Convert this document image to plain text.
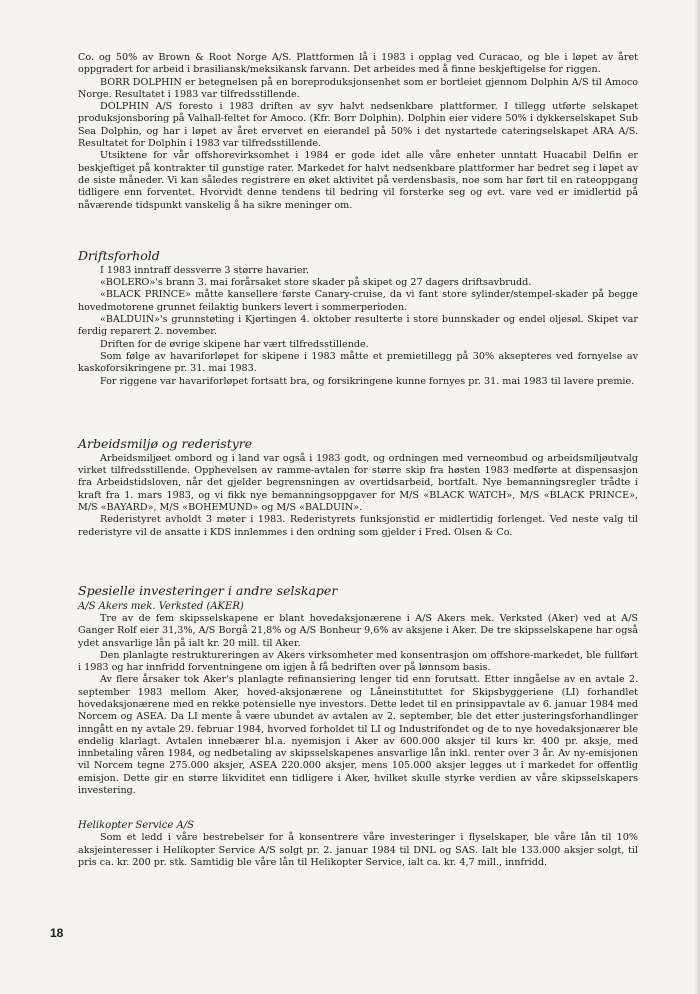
Co. og 50% av Brown & Root Norge A/S. Plattformen lå i 1983 i opplag ved Curacao, og ble i løpet av året oppgradert for arbeid i brasiliansk/meksikansk farvann. Det arbeides med å finne beskjeftigelse for riggen.

BORR DOLPHIN er betegnelsen på en boreproduksjonsenhet som er bortleiet gjennom Dolphin A/S til Amoco Norge. Resultatet i 1983 var tilfredsstillende.

DOLPHIN A/S foresto i 1983 driften av syv halvt nedsenkbare plattformer. I tillegg utførte selskapet produksjonsboring på Valhall-feltet for Amoco. (Kfr. Borr Dolphin). Dolphin eier videre 50% i dykkerselskapet Sub Sea Dolphin, og har i løpet av året ervervet en eierandel på 50% i det nystartede cateringselskapet ARA A/S. Resultatet for Dolphin i 1983 var tilfredsstillende.

Utsiktene for vår offshorevirksomhet i 1984 er gode idet alle våre enheter unntatt Huacabil Delfin er beskjeftiget på kontrakter til gunstige rater. Markedet for halvt nedsenkbare plattformer har bedret seg i løpet av de siste måneder. Vi kan således registrere en øket aktivitet på verdensbasis, noe som har ført til en rateoppgang tidligere enn forventet. Hvorvidt denne tendens til bedring vil forsterke seg og evt. vare ved er imidlertid på nåværende tidspunkt vanskelig å ha sikre meninger om.

Driftsforhold

I 1983 inntraff dessverre 3 større havarier.

«BOLERO»'s brann 3. mai forårsaket store skader på skipet og 27 dagers driftsavbrudd.

«BLACK PRINCE» måtte kansellere første Canary-cruise, da vi fant store sylinder/stempel-skader på begge hovedmotorene grunnet feilaktig bunkers levert i sommerperioden.

«BALDUIN»'s grunnstøting i Kjørtingen 4. oktober resulterte i store bunnskader og endel oljesøl. Skipet var ferdig reparert 2. november.

Driften for de øvrige skipene har vært tilfredsstillende.

Som følge av havariforløpet for skipene i 1983 måtte et premietillegg på 30% aksepteres ved fornyelse av kaskoforsikringene pr. 31. mai 1983.

For riggene var havariforløpet fortsatt bra, og forsikringene kunne fornyes pr. 31. mai 1983 til lavere premie.

Arbeidsmiljø og rederistyre

Arbeidsmiljøet ombord og i land var også i 1983 godt, og ordningen med verneombud og arbeidsmiljøutvalg virket tilfredsstillende. Opphevelsen av ramme-avtalen for større skip fra høsten 1983 medførte at dispensasjon fra Arbeidstidsloven, når det gjelder begrensningen av overtidsarbeid, bortfalt. Nye bemanningsregler trådte i kraft fra 1. mars 1983, og vi fikk nye bemanningsoppgaver for M/S «BLACK WATCH», M/S «BLACK PRINCE», M/S «BAYARD», M/S «BOHEMUND» og M/S «BALDUIN».

Rederistyret avholdt 3 møter i 1983. Rederistyrets funksjonstid er midlertidig forlenget. Ved neste valg til rederistyre vil de ansatte i KDS innlemmes i den ordning som gjelder i Fred. Olsen & Co.

Spesielle investeringer i andre selskaper

A/S Akers mek. Verksted (AKER)

Tre av de fem skipsselskapene er blant hovedaksjonærene i A/S Akers mek. Verksted (Aker) ved at A/S Ganger Rolf eier 31,3%, A/S Borgå 21,8% og A/S Bonheur 9,6% av aksjene i Aker. De tre skipsselskapene har også ydet ansvarlige lån på ialt kr. 20 mill. til Aker.

Den planlagte restruktureringen av Akers virksomheter med konsentrasjon om offshore-markedet, ble fullført i 1983 og har innfridd forventningene om igjen å få bedriften over på lønnsom basis.

Av flere årsaker tok Aker's planlagte refinansiering lenger tid enn forutsatt. Etter inngåelse av en avtale 2. september 1983 mellom Aker, hoved-aksjonærene og Låneinstituttet for Skipsbyggeriene (LI) forhandlet hovedaksjonærene med en rekke potensielle nye investors. Dette ledet til en prinsippavtale av 6. januar 1984 med Norcem og ASEA. Da LI mente å være ubundet av avtalen av 2. september, ble det etter justeringsforhandlinger inngått en ny avtale 29. februar 1984, hvorved forholdet til LI og Industrifondet og de to nye hovedaksjonærer ble endelig klarlagt. Avtalen innebærer bl.a. nyemisjon i Aker av 600.000 aksjer til kurs kr. 400 pr. aksje, med innbetaling våren 1984, og nedbetaling av skipsselskapenes ansvarlige lån inkl. renter over 3 år. Av ny-emisjonen vil Norcem tegne 275.000 aksjer, ASEA 220.000 aksjer, mens 105.000 aksjer legges ut i markedet for offentlig emisjon. Dette gir en større likviditet enn tidligere i Aker, hvilket skulle styrke verdien av våre skipsselskapers investering.

Helikopter Service A/S

Som et ledd i våre bestrebelser for å konsentrere våre investeringer i flyselskaper, ble våre lån til 10% aksjeinteresser i Helikopter Service A/S solgt pr. 2. januar 1984 til DNL og SAS. Ialt ble 133.000 aksjer solgt, til pris ca. kr. 200 pr. stk. Samtidig ble våre lån til Helikopter Service, ialt ca. kr. 4,7 mill., innfridd.

18
